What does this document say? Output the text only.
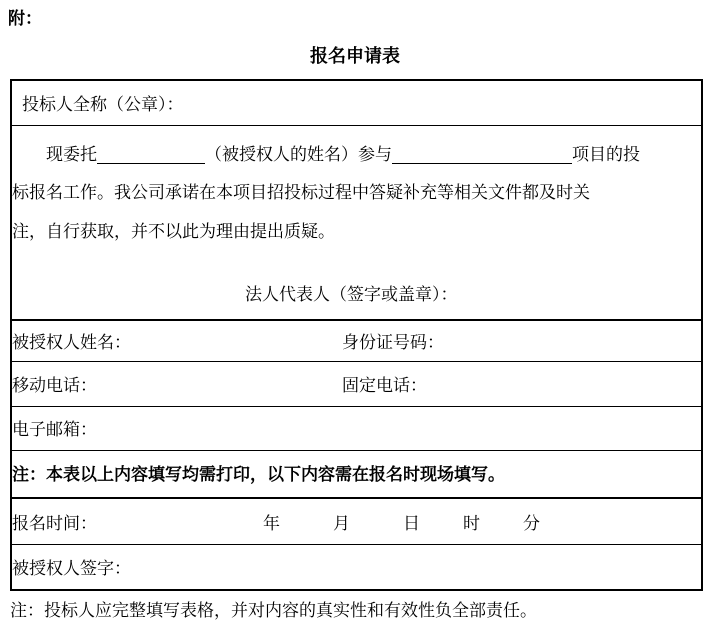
附：
报名申请表
投标人全称（公章）：
现委托	（被授权人的姓名）参与	项目的投
标报名工作。我公司承诺在本项目招投标过程中答疑补充等相关文件都及时关
注，自行获取，并不以此为理由提出质疑。
法人代表人（签字或盖章）：
被授权人姓名：	身份证号码：
移动电话：	固定电话：
电子邮箱：
注：本表以上内容填写均需打印，以下内容需在报名时现场填写。
报名时间：	年	月	日	时	分
被授权人签字：
注：投标人应完整填写表格，并对内容的真实性和有效性负全部责任。
